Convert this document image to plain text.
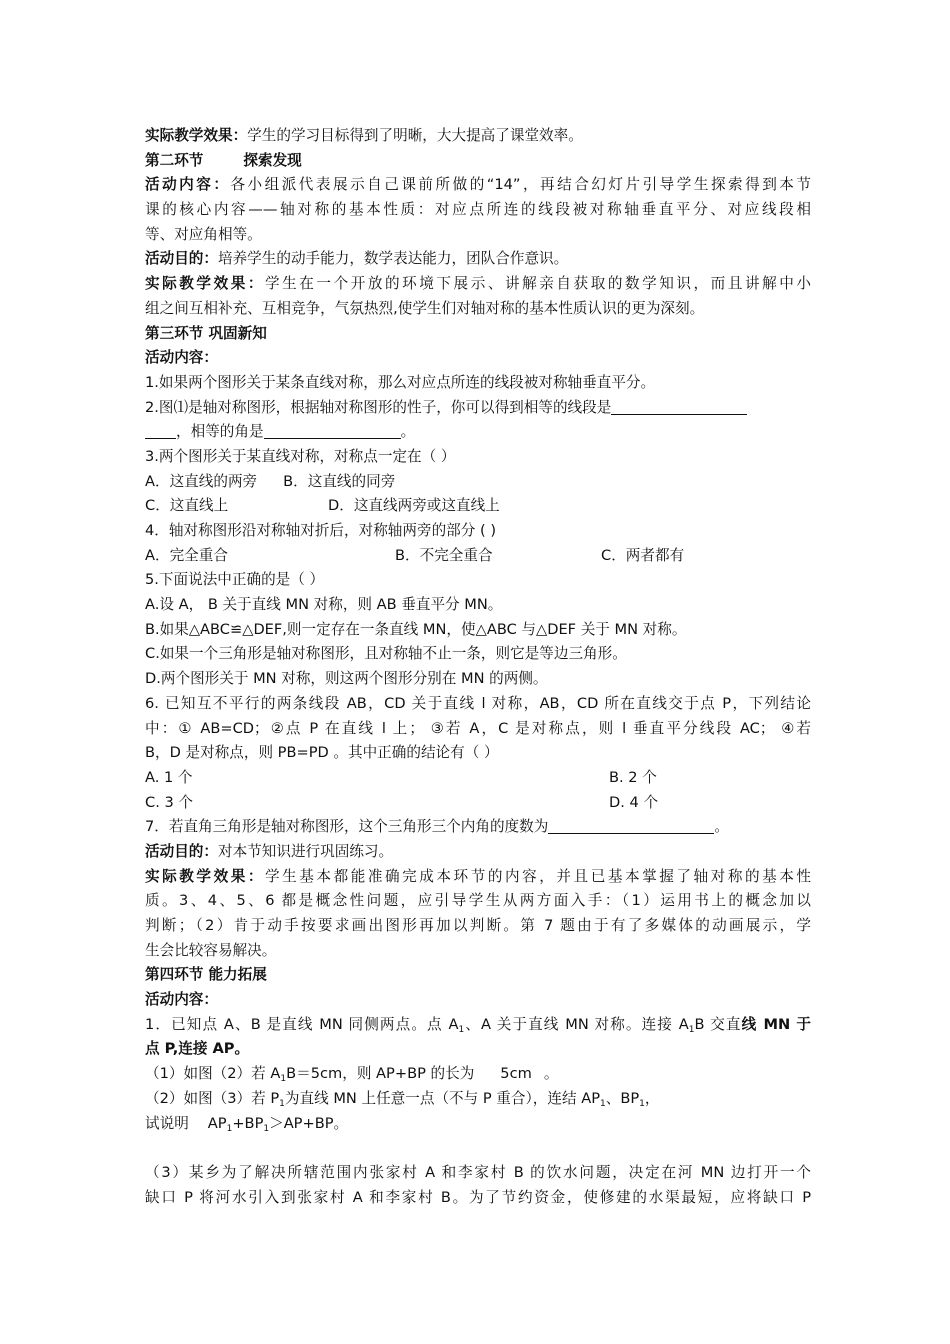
实际教学效果：学生的学习目标得到了明晰，大大提高了课堂效率。
第二环节	探索发现
活动内容：各小组派代表展示自己课前所做的“14”，再结合幻灯片引导学生探索得到本节
课的核心内容——轴对称的基本性质：对应点所连的线段被对称轴垂直平分、对应线段相
等、对应角相等。
活动目的：培养学生的动手能力，数学表达能力，团队合作意识。
实际教学效果：学生在一个开放的环境下展示、讲解亲自获取的数学知识，而且讲解中小
组之间互相补充、互相竞争，气氛热烈,使学生们对轴对称的基本性质认识的更为深刻。
第三环节 巩固新知
活动内容：
1.如果两个图形关于某条直线对称，那么对应点所连的线段被对称轴垂直平分。
2.图⑴是轴对称图形，根据轴对称图形的性子，你可以得到相等的线段是
，相等的角是	。
3.两个图形关于某直线对称，对称点一定在（ ）
A．这直线的两旁 B．这直线的同旁
C．这直线上	D．这直线两旁或这直线上
4．轴对称图形沿对称轴对折后，对称轴两旁的部分 ( )
A．完全重合	B．不完全重合	C．两者都有
5.下面说法中正确的是（ ）
A.设 A， B 关于直线 MN 对称，则 AB 垂直平分 MN。
B.如果△ABC≌△DEF,则一定存在一条直线 MN，使△ABC 与△DEF 关于 MN 对称。
C.如果一个三角形是轴对称图形，且对称轴不止一条，则它是等边三角形。
D.两个图形关于 MN 对称，则这两个图形分别在 MN 的两侧。
6. 已知互不平行的两条线段 AB，CD 关于直线 l 对称，AB，CD 所在直线交于点 P，下列结论
中：① AB=CD；②点 P 在直线 l 上； ③若 A，C 是对称点，则 l 垂直平分线段 AC； ④若
B，D 是对称点，则 PB=PD 。其中正确的结论有（ ）
A. 1 个	B. 2 个
C. 3 个	D. 4 个
7．若直角三角形是轴对称图形，这个三角形三个内角的度数为	。
活动目的：对本节知识进行巩固练习。
实际教学效果：学生基本都能准确完成本环节的内容，并且已基本掌握了轴对称的基本性
质。3、4、5、6 都是概念性问题，应引导学生从两方面入手：（1）运用书上的概念加以
判断；（2）肯于动手按要求画出图形再加以判断。第 7 题由于有了多媒体的动画展示，学
生会比较容易解决。
第四环节 能力拓展
活动内容：
1．已知点 A、B 是直线 MN 同侧两点。点 $A_1$、A 关于直线 MN 对称。连接 $A_1B$ 交直线 MN 于
点 P,连接 AP。
（1）如图（2）若 $A_1B=5cm$，则 AP+BP 的长为 5cm 。
（2）如图（3）若 $P_1$为直线 MN 上任意一点（不与 P 重合），连结 $AP_1$、$BP_1$，
试说明 $AP_1+BP_1>AP+BP$。
（3）某乡为了解决所辖范围内张家村 A 和李家村 B 的饮水问题，决定在河 MN 边打开一个
缺口 P 将河水引入到张家村 A 和李家村 B。为了节约资金，使修建的水渠最短，应将缺口 P
